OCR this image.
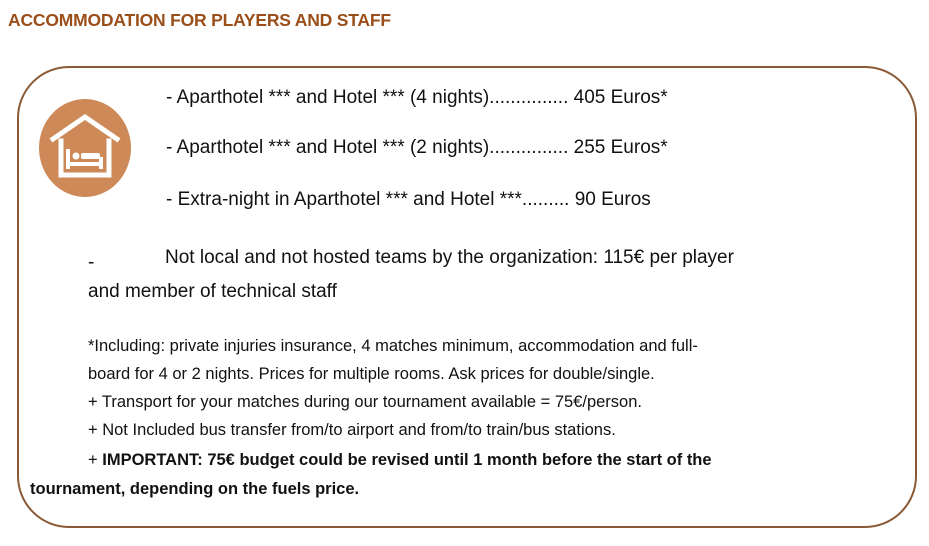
ACCOMMODATION FOR PLAYERS AND STAFF

- Aparthotel *** and Hotel *** (4 nights)............... 405 Euros*

- Aparthotel *** and Hotel *** (2 nights)............... 255 Euros*

- Extra-night in Aparthotel *** and Hotel ***......... 90 Euros

-	Not local and not hosted teams by the organization: 115€ per player

and member of technical staff

*Including: private injuries insurance, 4 matches minimum, accommodation and full-

board for 4 or 2 nights. Prices for multiple rooms. Ask prices for double/single.

+ Transport for your matches during our tournament available = 75€/person.

+ Not Included bus transfer from/to airport and from/to train/bus stations.

+ IMPORTANT: 75€ budget could be revised until 1 month before the start of the

tournament, depending on the fuels price.
